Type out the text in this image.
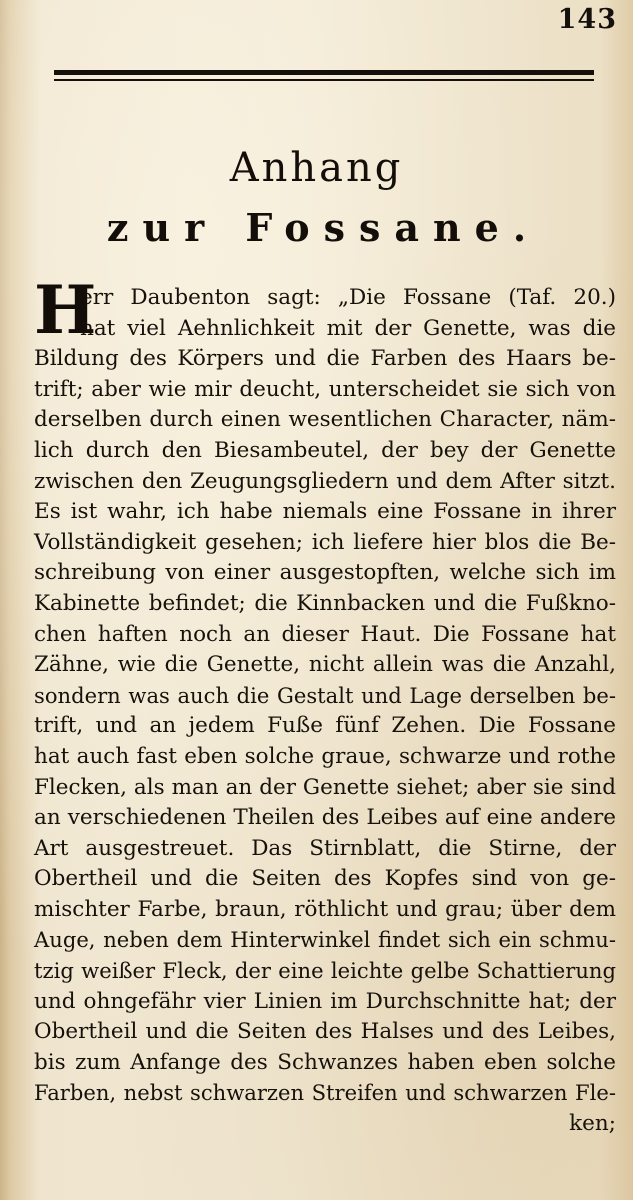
143
Anhang
zur Fossane.
H
err Daubenton sagt: „Die Fossane (Taf. 20.)
hat viel Aehnlichkeit mit der Genette, was die
Bildung des Körpers und die Farben des Haars be-
trift; aber wie mir deucht, unterscheidet sie sich von
derselben durch einen wesentlichen Character, näm-
lich durch den Biesambeutel, der bey der Genette
zwischen den Zeugungsgliedern und dem After sitzt.
Es ist wahr, ich habe niemals eine Fossane in ihrer
Vollständigkeit gesehen; ich liefere hier blos die Be-
schreibung von einer ausgestopften, welche sich im
Kabinette befindet; die Kinnbacken und die Fußkno-
chen haften noch an dieser Haut. Die Fossane hat
Zähne, wie die Genette, nicht allein was die Anzahl,
sondern was auch die Gestalt und Lage derselben be-
trift, und an jedem Fuße fünf Zehen. Die Fossane
hat auch fast eben solche graue, schwarze und rothe
Flecken, als man an der Genette siehet; aber sie sind
an verschiedenen Theilen des Leibes auf eine andere
Art ausgestreuet. Das Stirnblatt, die Stirne, der
Obertheil und die Seiten des Kopfes sind von ge-
mischter Farbe, braun, röthlicht und grau; über dem
Auge, neben dem Hinterwinkel findet sich ein schmu-
tzig weißer Fleck, der eine leichte gelbe Schattierung
und ohngefähr vier Linien im Durchschnitte hat; der
Obertheil und die Seiten des Halses und des Leibes,
bis zum Anfange des Schwanzes haben eben solche
Farben, nebst schwarzen Streifen und schwarzen Fle-
ken;
